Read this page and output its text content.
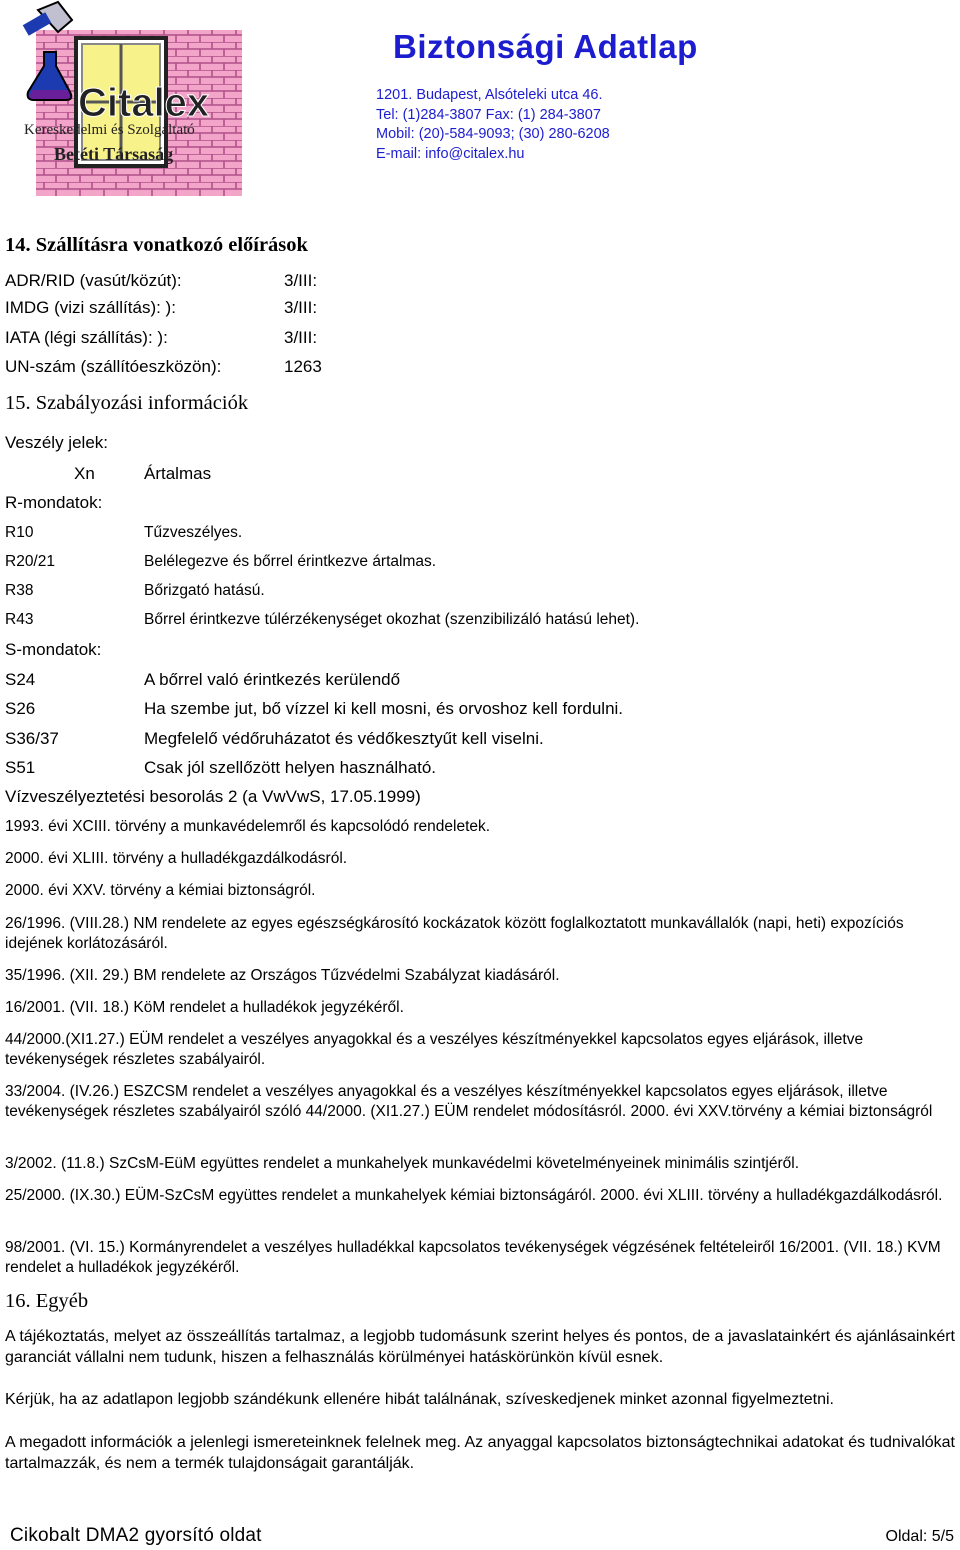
Citalex
Kereskedelmi és Szolgáltató
Betéti Társaság
Biztonsági Adatlap
1201. Budapest, Alsóteleki utca 46.
Tel: (1)284-3807 Fax: (1) 284-3807
Mobil: (20)-584-9093; (30) 280-6208
E-mail: info@citalex.hu
14. Szállításra vonatkozó előírások
ADR/RID (vasút/közút):	3/III:
IMDG (vizi szállítás): ):	3/III:
IATA (légi szállítás): ):	3/III:
UN-szám (szállítóeszközön):	1263
15. Szabályozási információk
Veszély jelek:
Xn	Ártalmas
R-mondatok:
R10	Tűzveszélyes.
R20/21	Belélegezve és bőrrel érintkezve ártalmas.
R38	Bőrizgató hatású.
R43	Bőrrel érintkezve túlérzékenységet okozhat (szenzibilizáló hatású lehet).
S-mondatok:
S24	A bőrrel való érintkezés kerülendő
S26	Ha szembe jut, bő vízzel ki kell mosni, és orvoshoz kell fordulni.
S36/37	Megfelelő védőruházatot és védőkesztyűt kell viselni.
S51	Csak jól szellőzött helyen használható.
Vízveszélyeztetési besorolás 2 (a VwVwS, 17.05.1999)
1993. évi XCIII. törvény a munkavédelemről és kapcsolódó rendeletek.
2000. évi XLIII. törvény a hulladékgazdálkodásról.
2000. évi XXV. törvény a kémiai biztonságról.
26/1996. (VIII.28.) NM rendelete az egyes egészségkárosító kockázatok között foglalkoztatott munkavállalók (napi, heti) expozíciós idejének korlátozásáról.
35/1996. (XII. 29.) BM rendelete az Országos Tűzvédelmi Szabályzat kiadásáról.
16/2001. (VII. 18.) KöM rendelet a hulladékok jegyzékéről.
44/2000.(XI1.27.) EÜM rendelet a veszélyes anyagokkal és a veszélyes készítményekkel kapcsolatos egyes eljárások, illetve tevékenységek részletes szabályairól.
33/2004. (IV.26.) ESZCSM rendelet a veszélyes anyagokkal és a veszélyes készítményekkel kapcsolatos egyes eljárások, illetve tevékenységek részletes szabályairól szóló 44/2000. (XI1.27.) EÜM rendelet módosításról. 2000. évi XXV.törvény a kémiai biztonságról
3/2002. (11.8.) SzCsM-EüM együttes rendelet a munkahelyek munkavédelmi követelményeinek minimális szintjéről.
25/2000. (IX.30.) EÜM-SzCsM együttes rendelet a munkahelyek kémiai biztonságáról. 2000. évi XLIII. törvény a hulladékgazdálkodásról.
98/2001. (VI. 15.) Kormányrendelet a veszélyes hulladékkal kapcsolatos tevékenységek végzésének feltételeiről 16/2001. (VII. 18.) KVM rendelet a hulladékok jegyzékéről.
16. Egyéb
A tájékoztatás, melyet az összeállítás tartalmaz, a legjobb tudomásunk szerint helyes és pontos, de a javaslatainkért és ajánlásainkért garanciát vállalni nem tudunk, hiszen a felhasználás körülményei hatáskörünkön kívül esnek.
Kérjük, ha az adatlapon legjobb szándékunk ellenére hibát találnának, szíveskedjenek minket azonnal figyelmeztetni.
A megadott információk a jelenlegi ismereteinknek felelnek meg. Az anyaggal kapcsolatos biztonságtechnikai adatokat és tudnivalókat tartalmazzák, és nem a termék tulajdonságait garantálják.
Cikobalt DMA2 gyorsító oldat	Oldal: 5/5
